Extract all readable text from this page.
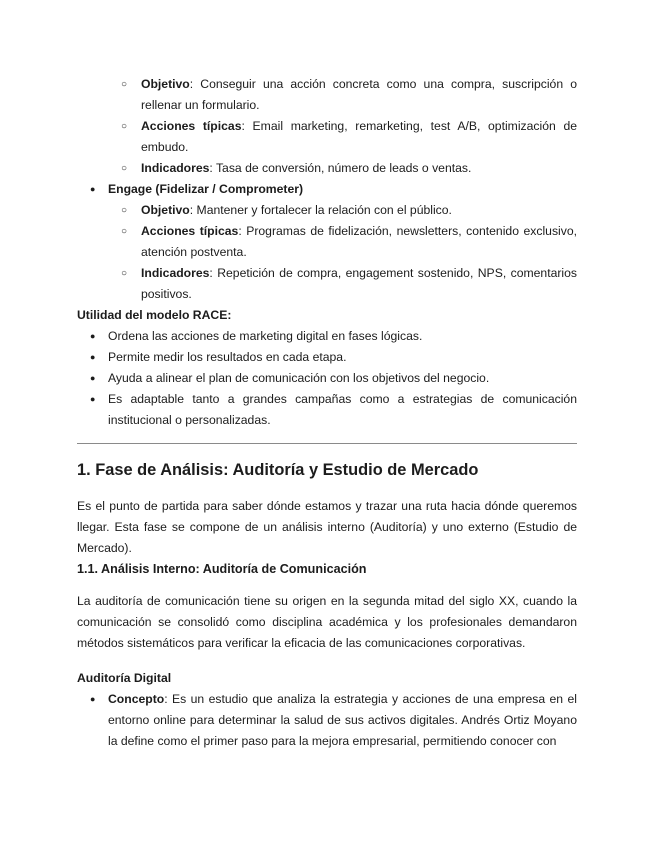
○
Objetivo: Conseguir una acción concreta como una compra, suscripción o rellenar un formulario.
○
Acciones típicas: Email marketing, remarketing, test A/B, optimización de embudo.
○
Indicadores: Tasa de conversión, número de leads o ventas.
●
Engage (Fidelizar / Comprometer)
○
Objetivo: Mantener y fortalecer la relación con el público.
○
Acciones típicas: Programas de fidelización, newsletters, contenido exclusivo, atención postventa.
○
Indicadores: Repetición de compra, engagement sostenido, NPS, comentarios positivos.

Utilidad del modelo RACE:

●
Ordena las acciones de marketing digital en fases lógicas.
●
Permite medir los resultados en cada etapa.
●
Ayuda a alinear el plan de comunicación con los objetivos del negocio.
●
Es adaptable tanto a grandes campañas como a estrategias de comunicación institucional o personalizadas.
1. Fase de Análisis: Auditoría y Estudio de Mercado

Es el punto de partida para saber dónde estamos y trazar una ruta hacia dónde queremos llegar. Esta fase se compone de un análisis interno (Auditoría) y uno externo (Estudio de Mercado).

1.1. Análisis Interno: Auditoría de Comunicación

La auditoría de comunicación tiene su origen en la segunda mitad del siglo XX, cuando la comunicación se consolidó como disciplina académica y los profesionales demandaron métodos sistemáticos para verificar la eficacia de las comunicaciones corporativas.

Auditoría Digital

●
Concepto: Es un estudio que analiza la estrategia y acciones de una empresa en el entorno online para determinar la salud de sus activos digitales. Andrés Ortiz Moyano la define como el primer paso para la mejora empresarial, permitiendo conocer con
